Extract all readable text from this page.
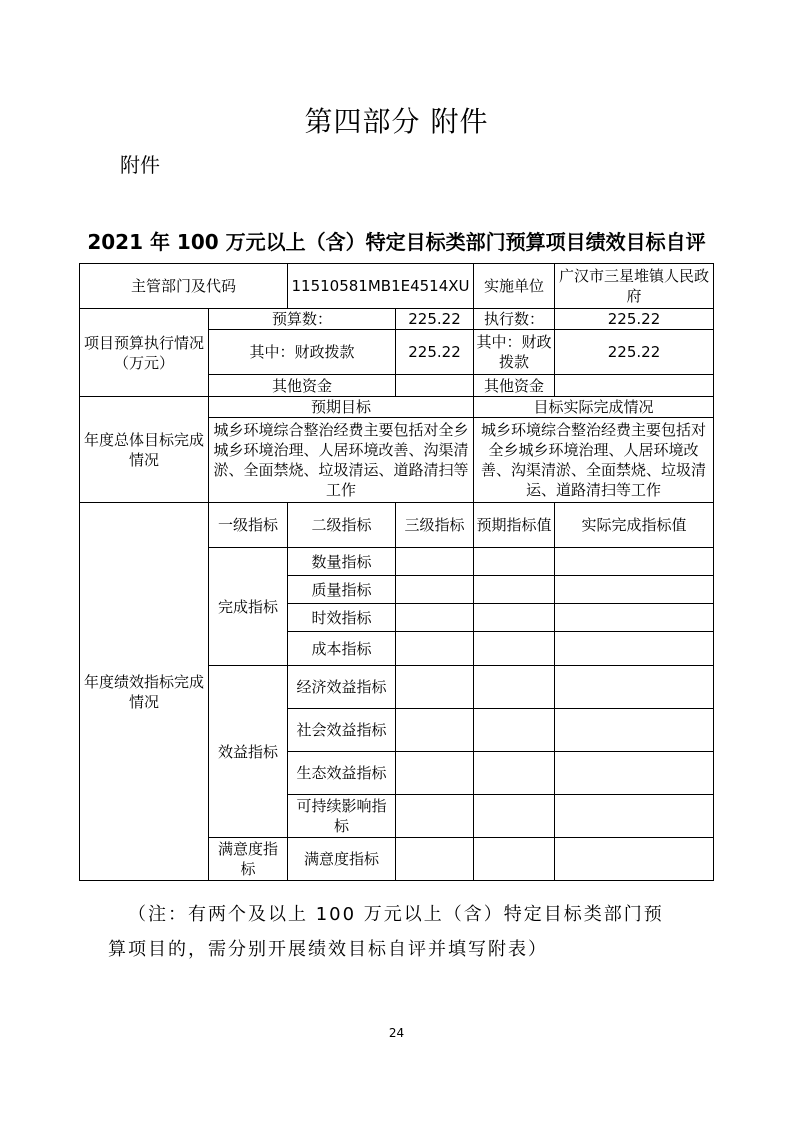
第四部分 附件
附件
2021 年 100 万元以上（含）特定目标类部门预算项目绩效目标自评
主管部门及代码		11510581MB1E4514XU		实施单位	广汉市三星堆镇人民政府
项目预算执行情况（万元）	预算数：		225.22	执行数：	225.22
	其中：财政拨款		225.22	其中：财政拨款	225.22
	其他资金			其他资金	
年度总体目标完成情况	预期目标			目标实际完成情况	
	城乡环境综合整治经费主要包括对全乡城乡环境治理、人居环境改善、沟渠清淤、全面禁烧、垃圾清运、道路清扫等工作			城乡环境综合整治经费主要包括对全乡城乡环境治理、人居环境改善、沟渠清淤、全面禁烧、垃圾清运、道路清扫等工作	
年度绩效指标完成情况	一级指标	二级指标	三级指标	预期指标值	实际完成指标值
	完成指标	数量指标			
		质量指标			
		时效指标			
		成本指标			
	效益指标	经济效益指标			
		社会效益指标			
		生态效益指标			
		可持续影响指标			
	满意度指标	满意度指标			
（注：有两个及以上 100 万元以上（含）特定目标类部门预
算项目的，需分别开展绩效目标自评并填写附表）
24
